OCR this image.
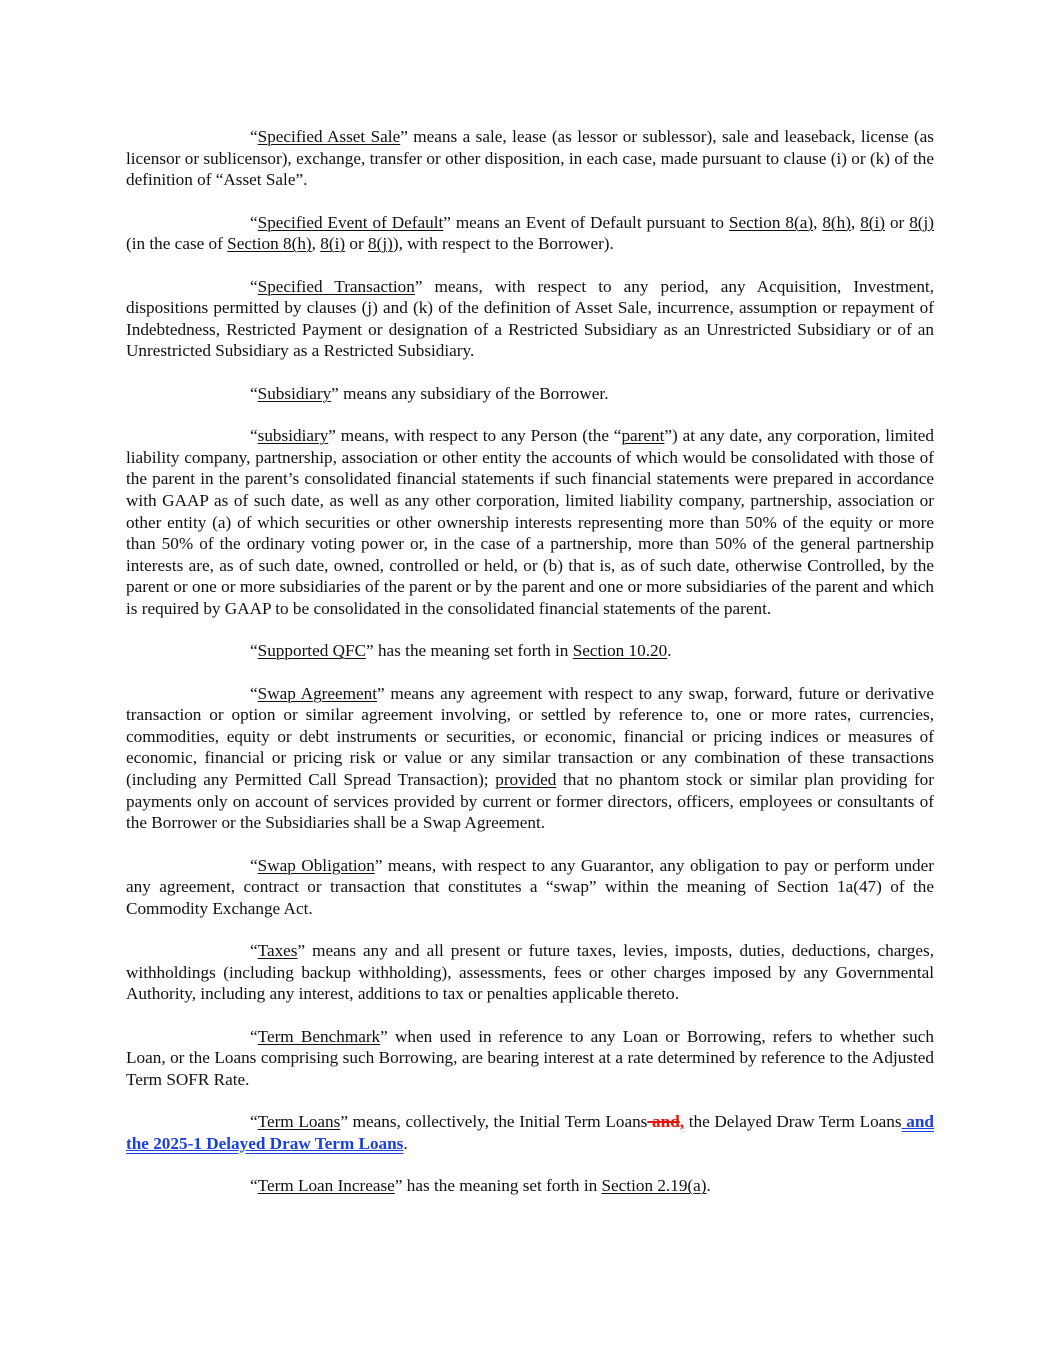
“Specified Asset Sale” means a sale, lease (as lessor or sublessor), sale and leaseback, license (as licensor or sublicensor), exchange, transfer or other disposition, in each case, made pursuant to clause (i) or (k) of the definition of “Asset Sale”.

“Specified Event of Default” means an Event of Default pursuant to Section 8(a), 8(h), 8(i) or 8(j) (in the case of Section 8(h), 8(i) or 8(j)), with respect to the Borrower).

“Specified Transaction” means, with respect to any period, any Acquisition, Investment, dispositions permitted by clauses (j) and (k) of the definition of Asset Sale, incurrence, assumption or repayment of Indebtedness, Restricted Payment or designation of a Restricted Subsidiary as an Unrestricted Subsidiary or of an Unrestricted Subsidiary as a Restricted Subsidiary.

“Subsidiary” means any subsidiary of the Borrower.

“subsidiary” means, with respect to any Person (the “parent”) at any date, any corporation, limited liability company, partnership, association or other entity the accounts of which would be consolidated with those of the parent in the parent’s consolidated financial statements if such financial statements were prepared in accordance with GAAP as of such date, as well as any other corporation, limited liability company, partnership, association or other entity (a) of which securities or other ownership interests representing more than 50% of the equity or more than 50% of the ordinary voting power or, in the case of a partnership, more than 50% of the general partnership interests are, as of such date, owned, controlled or held, or (b) that is, as of such date, otherwise Controlled, by the parent or one or more subsidiaries of the parent or by the parent and one or more subsidiaries of the parent and which is required by GAAP to be consolidated in the consolidated financial statements of the parent.

“Supported QFC” has the meaning set forth in Section 10.20.

“Swap Agreement” means any agreement with respect to any swap, forward, future or derivative transaction or option or similar agreement involving, or settled by reference to, one or more rates, currencies, commodities, equity or debt instruments or securities, or economic, financial or pricing indices or measures of economic, financial or pricing risk or value or any similar transaction or any combination of these transactions (including any Permitted Call Spread Transaction); provided that no phantom stock or similar plan providing for payments only on account of services provided by current or former directors, officers, employees or consultants of the Borrower or the Subsidiaries shall be a Swap Agreement.

“Swap Obligation” means, with respect to any Guarantor, any obligation to pay or perform under any agreement, contract or transaction that constitutes a “swap” within the meaning of Section 1a(47) of the Commodity Exchange Act.

“Taxes” means any and all present or future taxes, levies, imposts, duties, deductions, charges, withholdings (including backup withholding), assessments, fees or other charges imposed by any Governmental Authority, including any interest, additions to tax or penalties applicable thereto.

“Term Benchmark” when used in reference to any Loan or Borrowing, refers to whether such Loan, or the Loans comprising such Borrowing, are bearing interest at a rate determined by reference to the Adjusted Term SOFR Rate.

“Term Loans” means, collectively, the Initial Term Loans and, the Delayed Draw Term Loans and the 2025-1 Delayed Draw Term Loans.

“Term Loan Increase” has the meaning set forth in Section 2.19(a).
